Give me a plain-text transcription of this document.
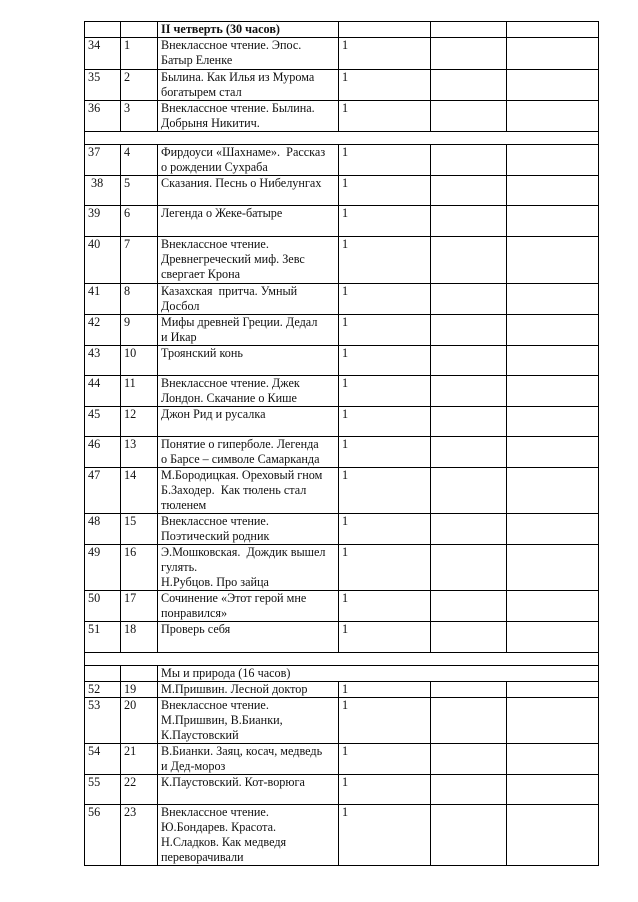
		II четверть (30 часов)			
34	1	Внеклассное чтение. Эпос.
Батыр Еленке	1		
35	2	Былина. Как Илья из Мурома
богатырем стал	1		
36	3	Внеклассное чтение. Былина.
Добрыня Никитич.	1		

37	4	Фирдоуси «Шахнаме».  Рассказ
о рождении Сухраба	1		
38	5	Сказания. Песнь о Нибелунгах	1		
39	6	Легенда о Жеке-батыре	1		
40	7	Внеклассное чтение.
Древнегреческий миф. Зевс
свергает Крона	1		
41	8	Казахская  притча. Умный
Досбол	1		
42	9	Мифы древней Греции. Дедал
и Икар	1		
43	10	Троянский конь	1		
44	11	Внеклассное чтение. Джек
Лондон. Скачание о Кише	1		
45	12	Джон Рид и русалка	1		
46	13	Понятие о гиперболе. Легенда
о Барсе – символе Самарканда	1		
47	14	М.Бородицкая. Ореховый гном
Б.Заходер.  Как тюлень стал
тюленем	1		
48	15	Внеклассное чтение.
Поэтический родник	1		
49	16	Э.Мошковская.  Дождик вышел
гулять.
Н.Рубцов. Про зайца	1		
50	17	Сочинение «Этот герой мне
понравился»	1		
51	18	Проверь себя	1		

		Мы и природа (16 часов)			
52	19	М.Пришвин. Лесной доктор	1		
53	20	Внеклассное чтение.
М.Пришвин, В.Бианки,
К.Паустовский	1		
54	21	В.Бианки. Заяц, косач, медведь
и Дед-мороз	1		
55	22	К.Паустовский. Кот-ворюга	1		
56	23	Внеклассное чтение.
Ю.Бондарев. Красота.
Н.Сладков. Как медведя
переворачивали	1		
